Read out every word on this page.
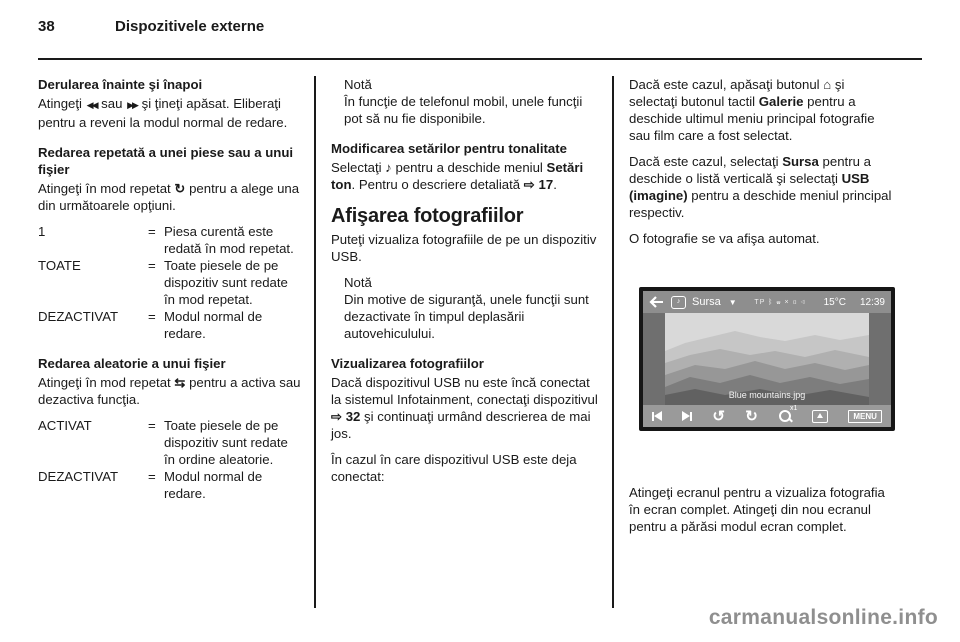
38	Dispozitivele externe
Derularea înainte şi înapoi

Atingeţi ◀◀ sau ▶▶ şi ţineţi apăsat. Eliberaţi pentru a reveni la modul normal de redare.

Redarea repetată a unei piese sau a unui fişier

Atingeţi în mod repetat ↻ pentru a alege una din următoarele opţiuni.

1	= Piesa curentă este redată în mod repetat.
TOATE	= Toate piesele de pe dispozitiv sunt redate în mod repetat.
DEZACTIVAT	= Modul normal de redare.
Redarea aleatorie a unui fişier

Atingeţi în mod repetat ⇆ pentru a activa sau dezactiva funcţia.

ACTIVAT	= Toate piesele de pe dispozitiv sunt redate în ordine aleatorie.
DEZACTIVAT	= Modul normal de redare.
Notă
În funcţie de telefonul mobil, unele funcţii pot să nu fie disponibile.
Modificarea setărilor pentru tonalitate

Selectaţi ♪ pentru a deschide meniul Setări ton. Pentru o descriere detaliată ⇨ 17.

Afişarea fotografiilor

Puteţi vizualiza fotografiile de pe un dispozitiv USB.

Notă
Din motive de siguranţă, unele funcţii sunt dezactivate în timpul deplasării autovehiculului.
Vizualizarea fotografiilor

Dacă dispozitivul USB nu este încă conectat la sistemul Infotainment, conectaţi dispozitivul ⇨ 32 şi continuaţi urmând descrierea de mai jos.

În cazul în care dispozitivul USB este deja conectat:

Dacă este cazul, apăsaţi butonul ⌂ şi selectaţi butonul tactil Galerie pentru a deschide ultimul meniu principal fotografie sau film care a fost selectat.

Dacă este cazul, selectaţi Sursa pentru a deschide o listă verticală şi selectaţi USB (imagine) pentru a deschide meniul principal respectiv.

O fotografie se va afişa automat.

♪	Sursa ▼	TP ᛒ ☎ × ▯ ◁	15°C 12:39
Blue mountains.jpg
↺ ↻	x1
MENU

Atingeţi ecranul pentru a vizualiza fotografia în ecran complet. Atingeţi din nou ecranul pentru a părăsi modul ecran complet.

carmanualsonline.info
